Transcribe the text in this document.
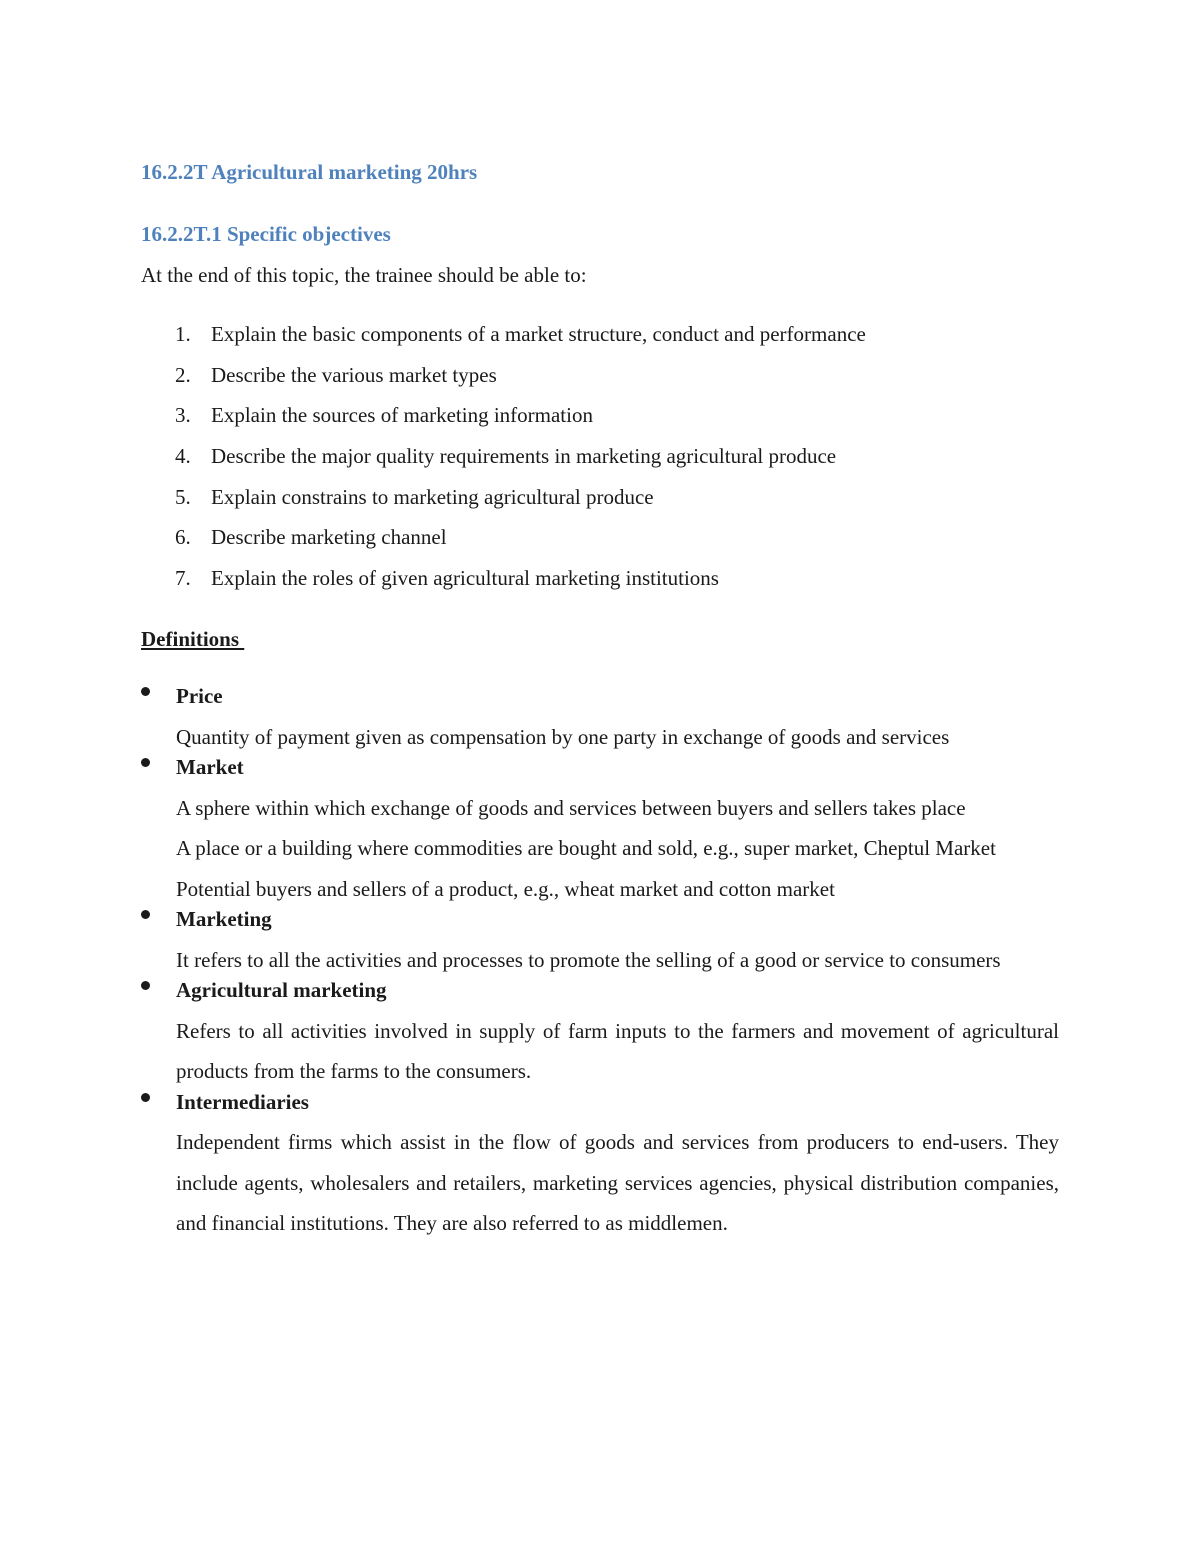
16.2.2T Agricultural marketing 20hrs
16.2.2T.1 Specific objectives
At the end of this topic, the trainee should be able to:
1. Explain the basic components of a market structure, conduct and performance
2. Describe the various market types
3. Explain the sources of marketing information
4. Describe the major quality requirements in marketing agricultural produce
5. Explain constrains to marketing agricultural produce
6. Describe marketing channel
7. Explain the roles of given agricultural marketing institutions
Definitions
Price
Quantity of payment given as compensation by one party in exchange of goods and services
Market
A sphere within which exchange of goods and services between buyers and sellers takes place
A place or a building where commodities are bought and sold, e.g., super market, Cheptul Market
Potential buyers and sellers of a product, e.g., wheat market and cotton market
Marketing
It refers to all the activities and processes to promote the selling of a good or service to consumers
Agricultural marketing
Refers to all activities involved in supply of farm inputs to the farmers and movement of agricultural products from the farms to the consumers.
Intermediaries
Independent firms which assist in the flow of goods and services from producers to end-users. They include agents, wholesalers and retailers, marketing services agencies, physical distribution companies, and financial institutions. They are also referred to as middlemen.
